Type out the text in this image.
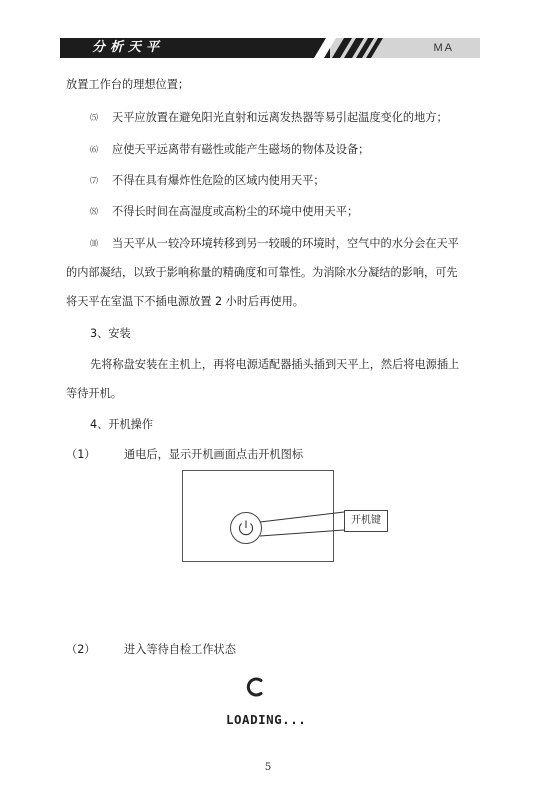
分析天平	MA
放置工作台的理想位置；
⑸ 天平应放置在避免阳光直射和远离发热器等易引起温度变化的地方；
⑹ 应使天平远离带有磁性或能产生磁场的物体及设备；
⑺ 不得在具有爆炸性危险的区域内使用天平；
⑻ 不得长时间在高湿度或高粉尘的环境中使用天平；
⑽ 当天平从一较冷环境转移到另一较暖的环境时，空气中的水分会在天平
的内部凝结，以致于影响称量的精确度和可靠性。为消除水分凝结的影响，可先
将天平在室温下不插电源放置 2 小时后再使用。
3、安装
先将称盘安装在主机上，再将电源适配器插头插到天平上，然后将电源插上
等待开机。
4、开机操作
（1）	通电后，显示开机画面点击开机图标
开机键
（2）	进入等待自检工作状态
LOADING...
5
